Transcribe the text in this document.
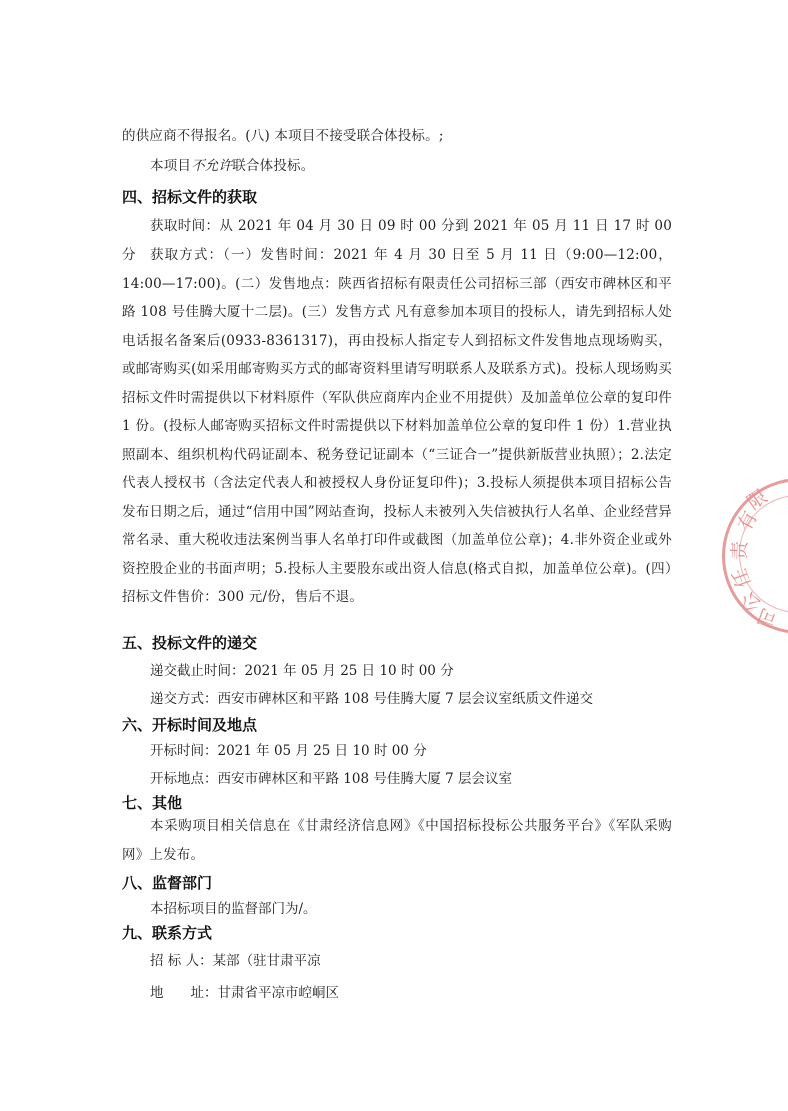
的供应商不得报名。(八) 本项目不接受联合体投标。;

本项目不允许联合体投标。

四、招标文件的获取

获取时间：从 2021 年 04 月 30 日 09 时 00 分到 2021 年 05 月 11 日 17 时 00 分	获取方式：（一）发售时间：2021 年 4 月 30 日至 5 月 11 日（9:00—12:00，14:00—17:00)。(二）发售地点：陕西省招标有限责任公司招标三部（西安市碑林区和平路 108 号佳腾大厦十二层)。(三）发售方式 凡有意参加本项目的投标人，请先到招标人处电话报名备案后(0933-8361317)，再由投标人指定专人到招标文件发售地点现场购买，或邮寄购买(如采用邮寄购买方式的邮寄资料里请写明联系人及联系方式)。投标人现场购买招标文件时需提供以下材料原件（军队供应商库内企业不用提供）及加盖单位公章的复印件 1 份。(投标人邮寄购买招标文件时需提供以下材料加盖单位公章的复印件 1 份）1.营业执照副本、组织机构代码证副本、税务登记证副本（“三证合一”提供新版营业执照）；2.法定代表人授权书（含法定代表人和被授权人身份证复印件)；3.投标人须提供本项目招标公告发布日期之后，通过“信用中国”网站查询，投标人未被列入失信被执行人名单、企业经营异常名录、重大税收违法案例当事人名单打印件或截图（加盖单位公章)；4.非外资企业或外资控股企业的书面声明；5.投标人主要股东或出资人信息(格式自拟，加盖单位公章)。(四）招标文件售价：300 元/份，售后不退。

五、投标文件的递交

递交截止时间：2021 年 05 月 25 日 10 时 00 分

递交方式：西安市碑林区和平路 108 号佳腾大厦 7 层会议室纸质文件递交

六、开标时间及地点

开标时间：2021 年 05 月 25 日 10 时 00 分

开标地点：西安市碑林区和平路 108 号佳腾大厦 7 层会议室

七、其他

本采购项目相关信息在《甘肃经济信息网》《中国招标投标公共服务平台》《军队采购网》上发布。

八、监督部门

本招标项目的监督部门为/。

九、联系方式

招 标 人：某部（驻甘肃平凉

地　　址：甘肃省平凉市崆峒区

有
限
责
任
公
司
